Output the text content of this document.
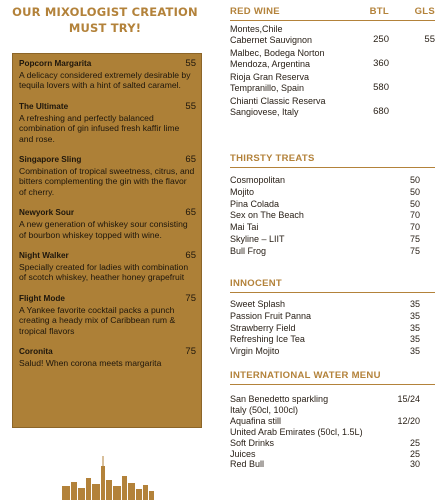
OUR MIXOLOGIST CREATION
MUST TRY!
Popcorn Margarita	55
A delicacy considered extremely desirable by tequila lovers with a hint of salted caramel.
The Ultimate	55
A refreshing and perfectly balanced combination of gin infused fresh kaffir lime and rose.
Singapore Sling	65
Combination of tropical sweetness, citrus, and bitters complementing the gin with the flavor of cherry.
Newyork Sour	65
A new generation of whiskey sour consisting of bourbon whiskey topped with wine.
Night Walker	65
Specially created for ladies with combination of scotch whiskey, heather honey grapefruit
Flight Mode	75
A Yankee favorite cocktail packs a punch creating a heady mix of Caribbean rum & tropical flavors
Coronita	75
Salud! When corona meets margarita
RED WINE	BTL	GLS
Montes,Chile
Cabernet Sauvignon	250	55
Malbec, Bodega Norton
Mendoza, Argentina	360
Rioja Gran Reserva
Tempranillo, Spain	580
Chianti Classic Reserva
Sangiovese, Italy	680
THIRSTY TREATS
Cosmopolitan	50
Mojito	50
Pina Colada	50
Sex on The Beach	70
Mai Tai	70
Skyline – LIIT	75
Bull Frog	75
INNOCENT
Sweet Splash	35
Passion Fruit Panna	35
Strawberry Field	35
Refreshing Ice Tea	35
Virgin Mojito	35
INTERNATIONAL WATER MENU
San Benedetto sparkling
Italy (50cl, 100cl)
15/24
Aquafina still
United Arab Emirates (50cl, 1.5L)
12/20
Soft Drinks	25
Juices	25
Red Bull	30
